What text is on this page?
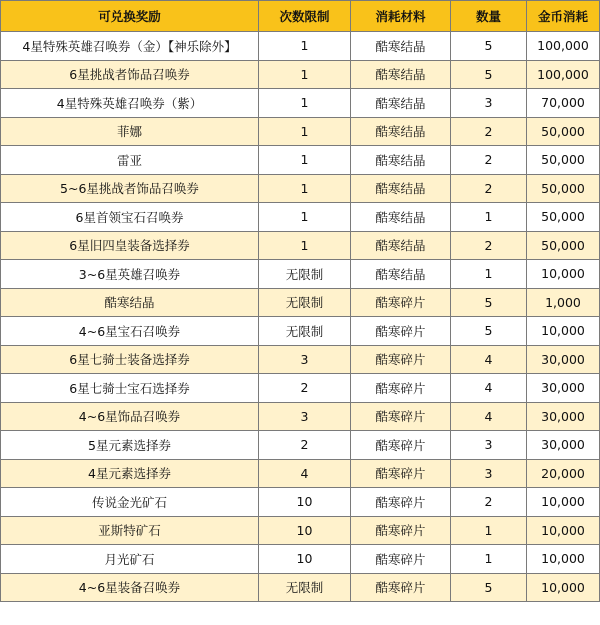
可兑换奖励	次数限制	消耗材料	数量	金币消耗
4星特殊英雄召唤券（金）【神乐除外】	1	酷寒结晶	5	100,000
6星挑战者饰品召唤券	1	酷寒结晶	5	100,000
4星特殊英雄召唤券（紫）	1	酷寒结晶	3	70,000
菲娜	1	酷寒结晶	2	50,000
雷亚	1	酷寒结晶	2	50,000
5~6星挑战者饰品召唤券	1	酷寒结晶	2	50,000
6星首领宝石召唤券	1	酷寒结晶	1	50,000
6星旧四皇装备选择券	1	酷寒结晶	2	50,000
3~6星英雄召唤券	无限制	酷寒结晶	1	10,000
酷寒结晶	无限制	酷寒碎片	5	1,000
4~6星宝石召唤券	无限制	酷寒碎片	5	10,000
6星七骑士装备选择券	3	酷寒碎片	4	30,000
6星七骑士宝石选择券	2	酷寒碎片	4	30,000
4~6星饰品召唤券	3	酷寒碎片	4	30,000
5星元素选择券	2	酷寒碎片	3	30,000
4星元素选择券	4	酷寒碎片	3	20,000
传说金光矿石	10	酷寒碎片	2	10,000
亚斯特矿石	10	酷寒碎片	1	10,000
月光矿石	10	酷寒碎片	1	10,000
4~6星装备召唤券	无限制	酷寒碎片	5	10,000
